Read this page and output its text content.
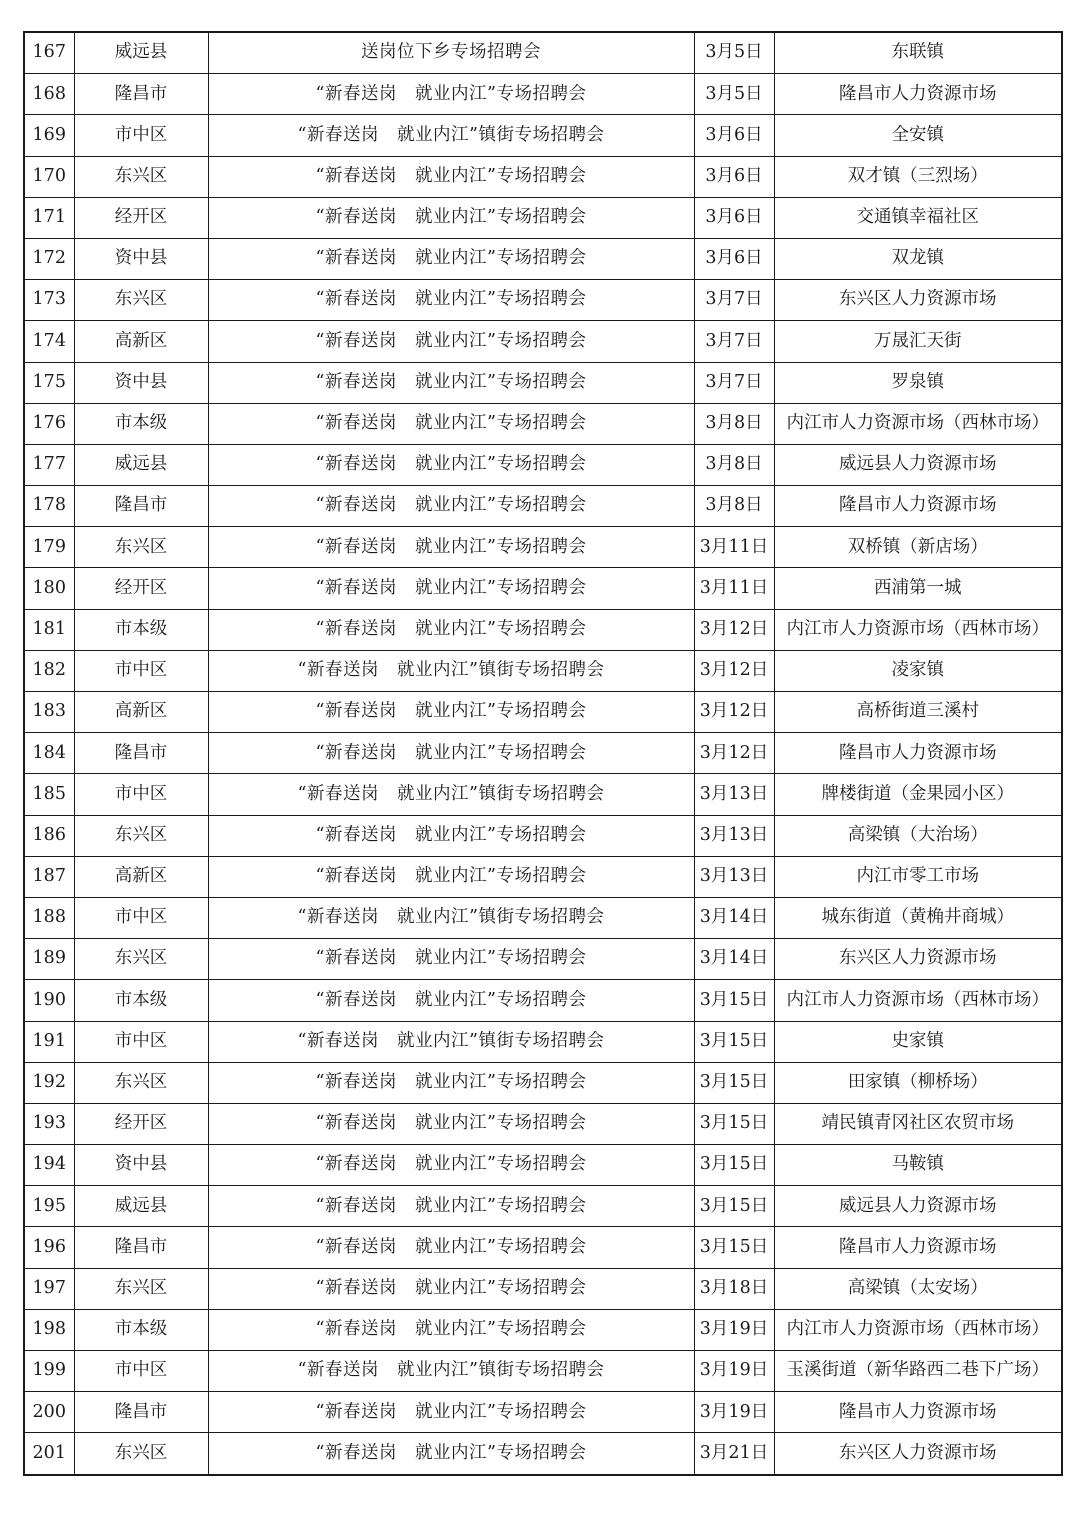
167	威远县	送岗位下乡专场招聘会	3月5日	东联镇
168	隆昌市	“新春送岗　就业内江”专场招聘会	3月5日	隆昌市人力资源市场
169	市中区	“新春送岗　就业内江”镇街专场招聘会	3月6日	全安镇
170	东兴区	“新春送岗　就业内江”专场招聘会	3月6日	双才镇（三烈场）
171	经开区	“新春送岗　就业内江”专场招聘会	3月6日	交通镇幸福社区
172	资中县	“新春送岗　就业内江”专场招聘会	3月6日	双龙镇
173	东兴区	“新春送岗　就业内江”专场招聘会	3月7日	东兴区人力资源市场
174	高新区	“新春送岗　就业内江”专场招聘会	3月7日	万晟汇天街
175	资中县	“新春送岗　就业内江”专场招聘会	3月7日	罗泉镇
176	市本级	“新春送岗　就业内江”专场招聘会	3月8日	内江市人力资源市场（西林市场）
177	威远县	“新春送岗　就业内江”专场招聘会	3月8日	威远县人力资源市场
178	隆昌市	“新春送岗　就业内江”专场招聘会	3月8日	隆昌市人力资源市场
179	东兴区	“新春送岗　就业内江”专场招聘会	3月11日	双桥镇（新店场）
180	经开区	“新春送岗　就业内江”专场招聘会	3月11日	西浦第一城
181	市本级	“新春送岗　就业内江”专场招聘会	3月12日	内江市人力资源市场（西林市场）
182	市中区	“新春送岗　就业内江”镇街专场招聘会	3月12日	凌家镇
183	高新区	“新春送岗　就业内江”专场招聘会	3月12日	高桥街道三溪村
184	隆昌市	“新春送岗　就业内江”专场招聘会	3月12日	隆昌市人力资源市场
185	市中区	“新春送岗　就业内江”镇街专场招聘会	3月13日	牌楼街道（金果园小区）
186	东兴区	“新春送岗　就业内江”专场招聘会	3月13日	高梁镇（大治场）
187	高新区	“新春送岗　就业内江”专场招聘会	3月13日	内江市零工市场
188	市中区	“新春送岗　就业内江”镇街专场招聘会	3月14日	城东街道（黄桷井商城）
189	东兴区	“新春送岗　就业内江”专场招聘会	3月14日	东兴区人力资源市场
190	市本级	“新春送岗　就业内江”专场招聘会	3月15日	内江市人力资源市场（西林市场）
191	市中区	“新春送岗　就业内江”镇街专场招聘会	3月15日	史家镇
192	东兴区	“新春送岗　就业内江”专场招聘会	3月15日	田家镇（柳桥场）
193	经开区	“新春送岗　就业内江”专场招聘会	3月15日	靖民镇青冈社区农贸市场
194	资中县	“新春送岗　就业内江”专场招聘会	3月15日	马鞍镇
195	威远县	“新春送岗　就业内江”专场招聘会	3月15日	威远县人力资源市场
196	隆昌市	“新春送岗　就业内江”专场招聘会	3月15日	隆昌市人力资源市场
197	东兴区	“新春送岗　就业内江”专场招聘会	3月18日	高梁镇（太安场）
198	市本级	“新春送岗　就业内江”专场招聘会	3月19日	内江市人力资源市场（西林市场）
199	市中区	“新春送岗　就业内江”镇街专场招聘会	3月19日	玉溪街道（新华路西二巷下广场）
200	隆昌市	“新春送岗　就业内江”专场招聘会	3月19日	隆昌市人力资源市场
201	东兴区	“新春送岗　就业内江”专场招聘会	3月21日	东兴区人力资源市场
